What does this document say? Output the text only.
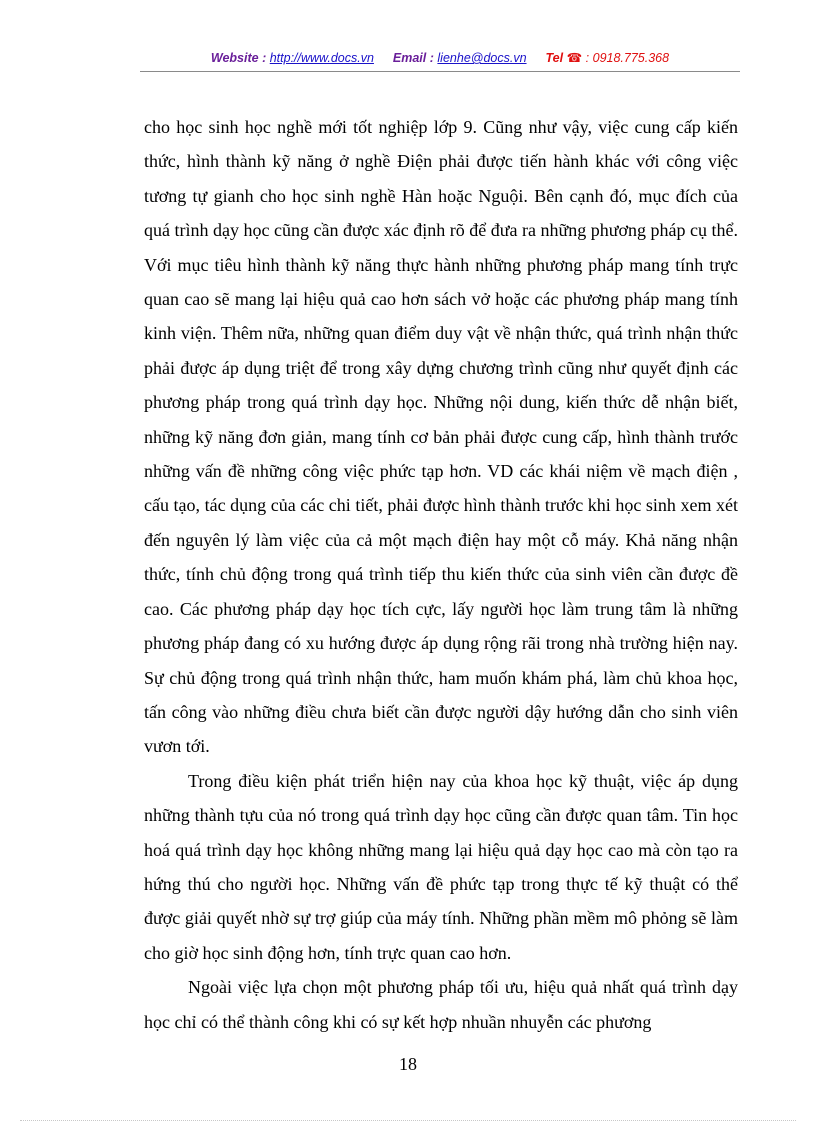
Website : http://www.docs.vn Email : lienhe@docs.vn Tel ☎ : 0918.775.368

cho học sinh học nghề mới tốt nghiệp lớp 9. Cũng như vậy, việc cung cấp kiến thức, hình thành kỹ năng ở nghề Điện phải được tiến hành khác với công việc tương tự gianh cho học sinh nghề Hàn hoặc Nguội. Bên cạnh đó, mục đích của quá trình dạy học cũng cần được xác định rõ để đưa ra những phương pháp cụ thể. Với mục tiêu hình thành kỹ năng thực hành những phương pháp mang tính trực quan cao sẽ mang lại hiệu quả cao hơn sách vở hoặc các phương pháp mang tính kinh viện. Thêm nữa, những quan điểm duy vật về nhận thức, quá trình nhận thức phải được áp dụng triệt để trong xây dựng chương trình cũng như quyết định các phương pháp trong quá trình dạy học. Những nội dung, kiến thức dễ nhận biết, những kỹ năng đơn giản, mang tính cơ bản phải được cung cấp, hình thành trước những vấn đề những công việc phức tạp hơn. VD các khái niệm về mạch điện , cấu tạo, tác dụng của các chi tiết, phải được hình thành trước khi học sinh xem xét đến nguyên lý làm việc của cả một mạch điện hay một cỗ máy. Khả năng nhận thức, tính chủ động trong quá trình tiếp thu kiến thức của sinh viên cần được đề cao. Các phương pháp dạy học tích cực, lấy người học làm trung tâm là những phương pháp đang có xu hướng được áp dụng rộng rãi trong nhà trường hiện nay. Sự chủ động trong quá trình nhận thức, ham muốn khám phá, làm chủ khoa học, tấn công vào những điều chưa biết cần được người dậy hướng dẫn cho sinh viên vươn tới.

Trong điều kiện phát triển hiện nay của khoa học kỹ thuật, việc áp dụng những thành tựu của nó trong quá trình dạy học cũng cần được quan tâm. Tin học hoá quá trình dạy học không những mang lại hiệu quả dạy học cao mà còn tạo ra hứng thú cho người học. Những vấn đề phức tạp trong thực tế kỹ thuật có thể được giải quyết nhờ sự trợ giúp của máy tính. Những phần mềm mô phỏng sẽ làm cho giờ học sinh động hơn, tính trực quan cao hơn.

Ngoài việc lựa chọn một phương pháp tối ưu, hiệu quả nhất quá trình dạy học chỉ có thể thành công khi có sự kết hợp nhuần nhuyễn các phương

18
